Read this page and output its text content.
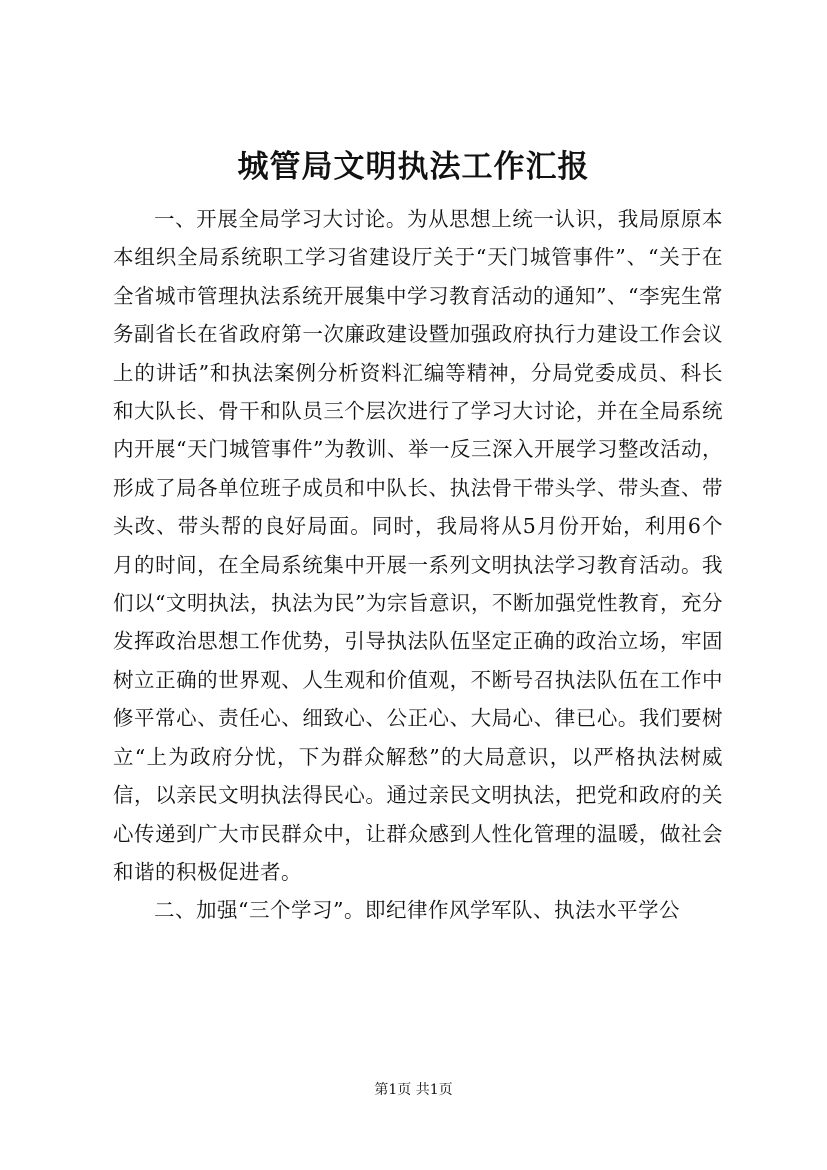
城管局文明执法工作汇报

一、开展全局学习大讨论。为从思想上统一认识，我局原原本本组织全局系统职工学习省建设厅关于“天门城管事件”、“关于在全省城市管理执法系统开展集中学习教育活动的通知”、“李宪生常务副省长在省政府第一次廉政建设暨加强政府执行力建设工作会议上的讲话”和执法案例分析资料汇编等精神，分局党委成员、科长和大队长、骨干和队员三个层次进行了学习大讨论，并在全局系统内开展“天门城管事件”为教训、举一反三深入开展学习整改活动，形成了局各单位班子成员和中队长、执法骨干带头学、带头查、带头改、带头帮的良好局面。同时，我局将从5月份开始，利用6个月的时间，在全局系统集中开展一系列文明执法学习教育活动。我们以“文明执法，执法为民”为宗旨意识，不断加强党性教育，充分发挥政治思想工作优势，引导执法队伍坚定正确的政治立场，牢固树立正确的世界观、人生观和价值观，不断号召执法队伍在工作中修平常心、责任心、细致心、公正心、大局心、律已心。我们要树立“上为政府分忧，下为群众解愁”的大局意识，以严格执法树威信，以亲民文明执法得民心。通过亲民文明执法，把党和政府的关心传递到广大市民群众中，让群众感到人性化管理的温暖，做社会和谐的积极促进者。

二、加强“三个学习”。即纪律作风学军队、执法水平学公

第1页 共1页
